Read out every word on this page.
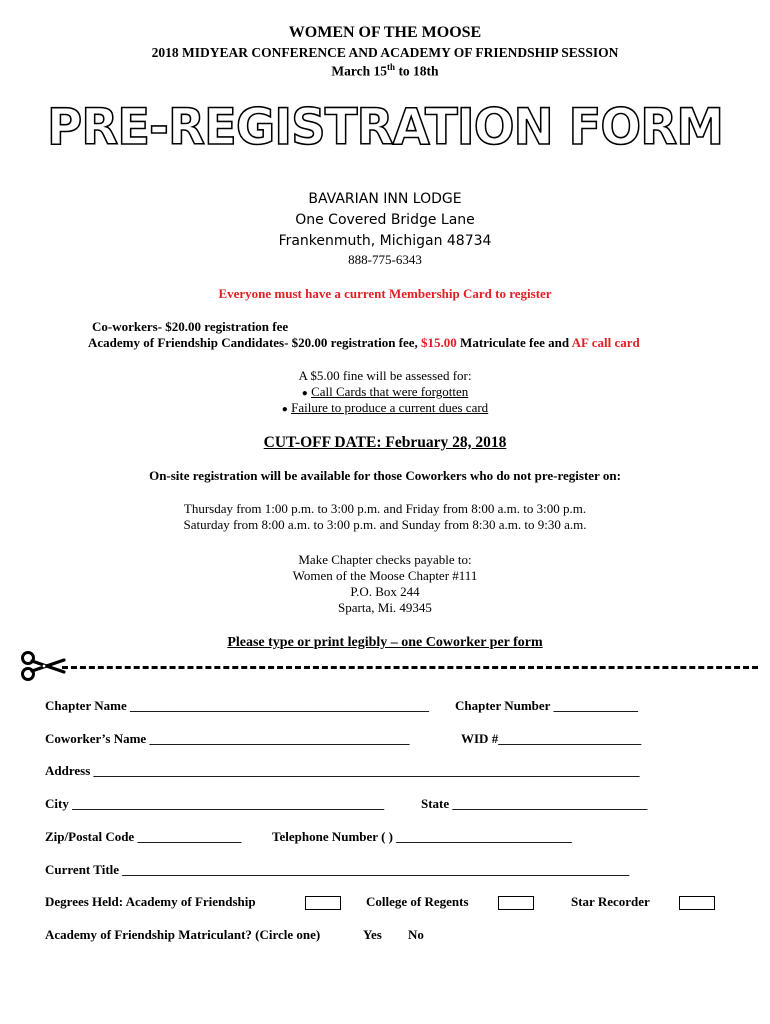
WOMEN OF THE MOOSE
2018 MIDYEAR CONFERENCE AND ACADEMY OF FRIENDSHIP SESSION
March 15th to 18th
PRE-REGISTRATION FORM
BAVARIAN INN LODGE
One Covered Bridge Lane
Frankenmuth, Michigan 48734
888-775-6343
Everyone must have a current Membership Card to register
Co-workers- $20.00 registration fee
Academy of Friendship Candidates- $20.00 registration fee, $15.00 Matriculate fee and AF call card
A $5.00 fine will be assessed for:
● Call Cards that were forgotten
● Failure to produce a current dues card
CUT-OFF DATE: February 28, 2018
On-site registration will be available for those Coworkers who do not pre-register on:
Thursday from 1:00 p.m. to 3:00 p.m. and Friday from 8:00 a.m. to 3:00 p.m.
Saturday from 8:00 a.m. to 3:00 p.m. and Sunday from 8:30 a.m. to 9:30 a.m.
Make Chapter checks payable to:
Women of the Moose Chapter #111
P.O. Box 244
Sparta, Mi. 49345
Please type or print legibly – one Coworker per form
Chapter Name ______________________________________________ Chapter Number _____________
Coworker’s Name ________________________________________	WID #______________________
Address ____________________________________________________________________________________
City ________________________________________________	State ______________________________
Zip/Postal Code ________________ Telephone Number ( ) ___________________________
Current Title ______________________________________________________________________________
Degrees Held: Academy of Friendship	College of Regents	Star Recorder
Academy of Friendship Matriculant? (Circle one)	Yes No
